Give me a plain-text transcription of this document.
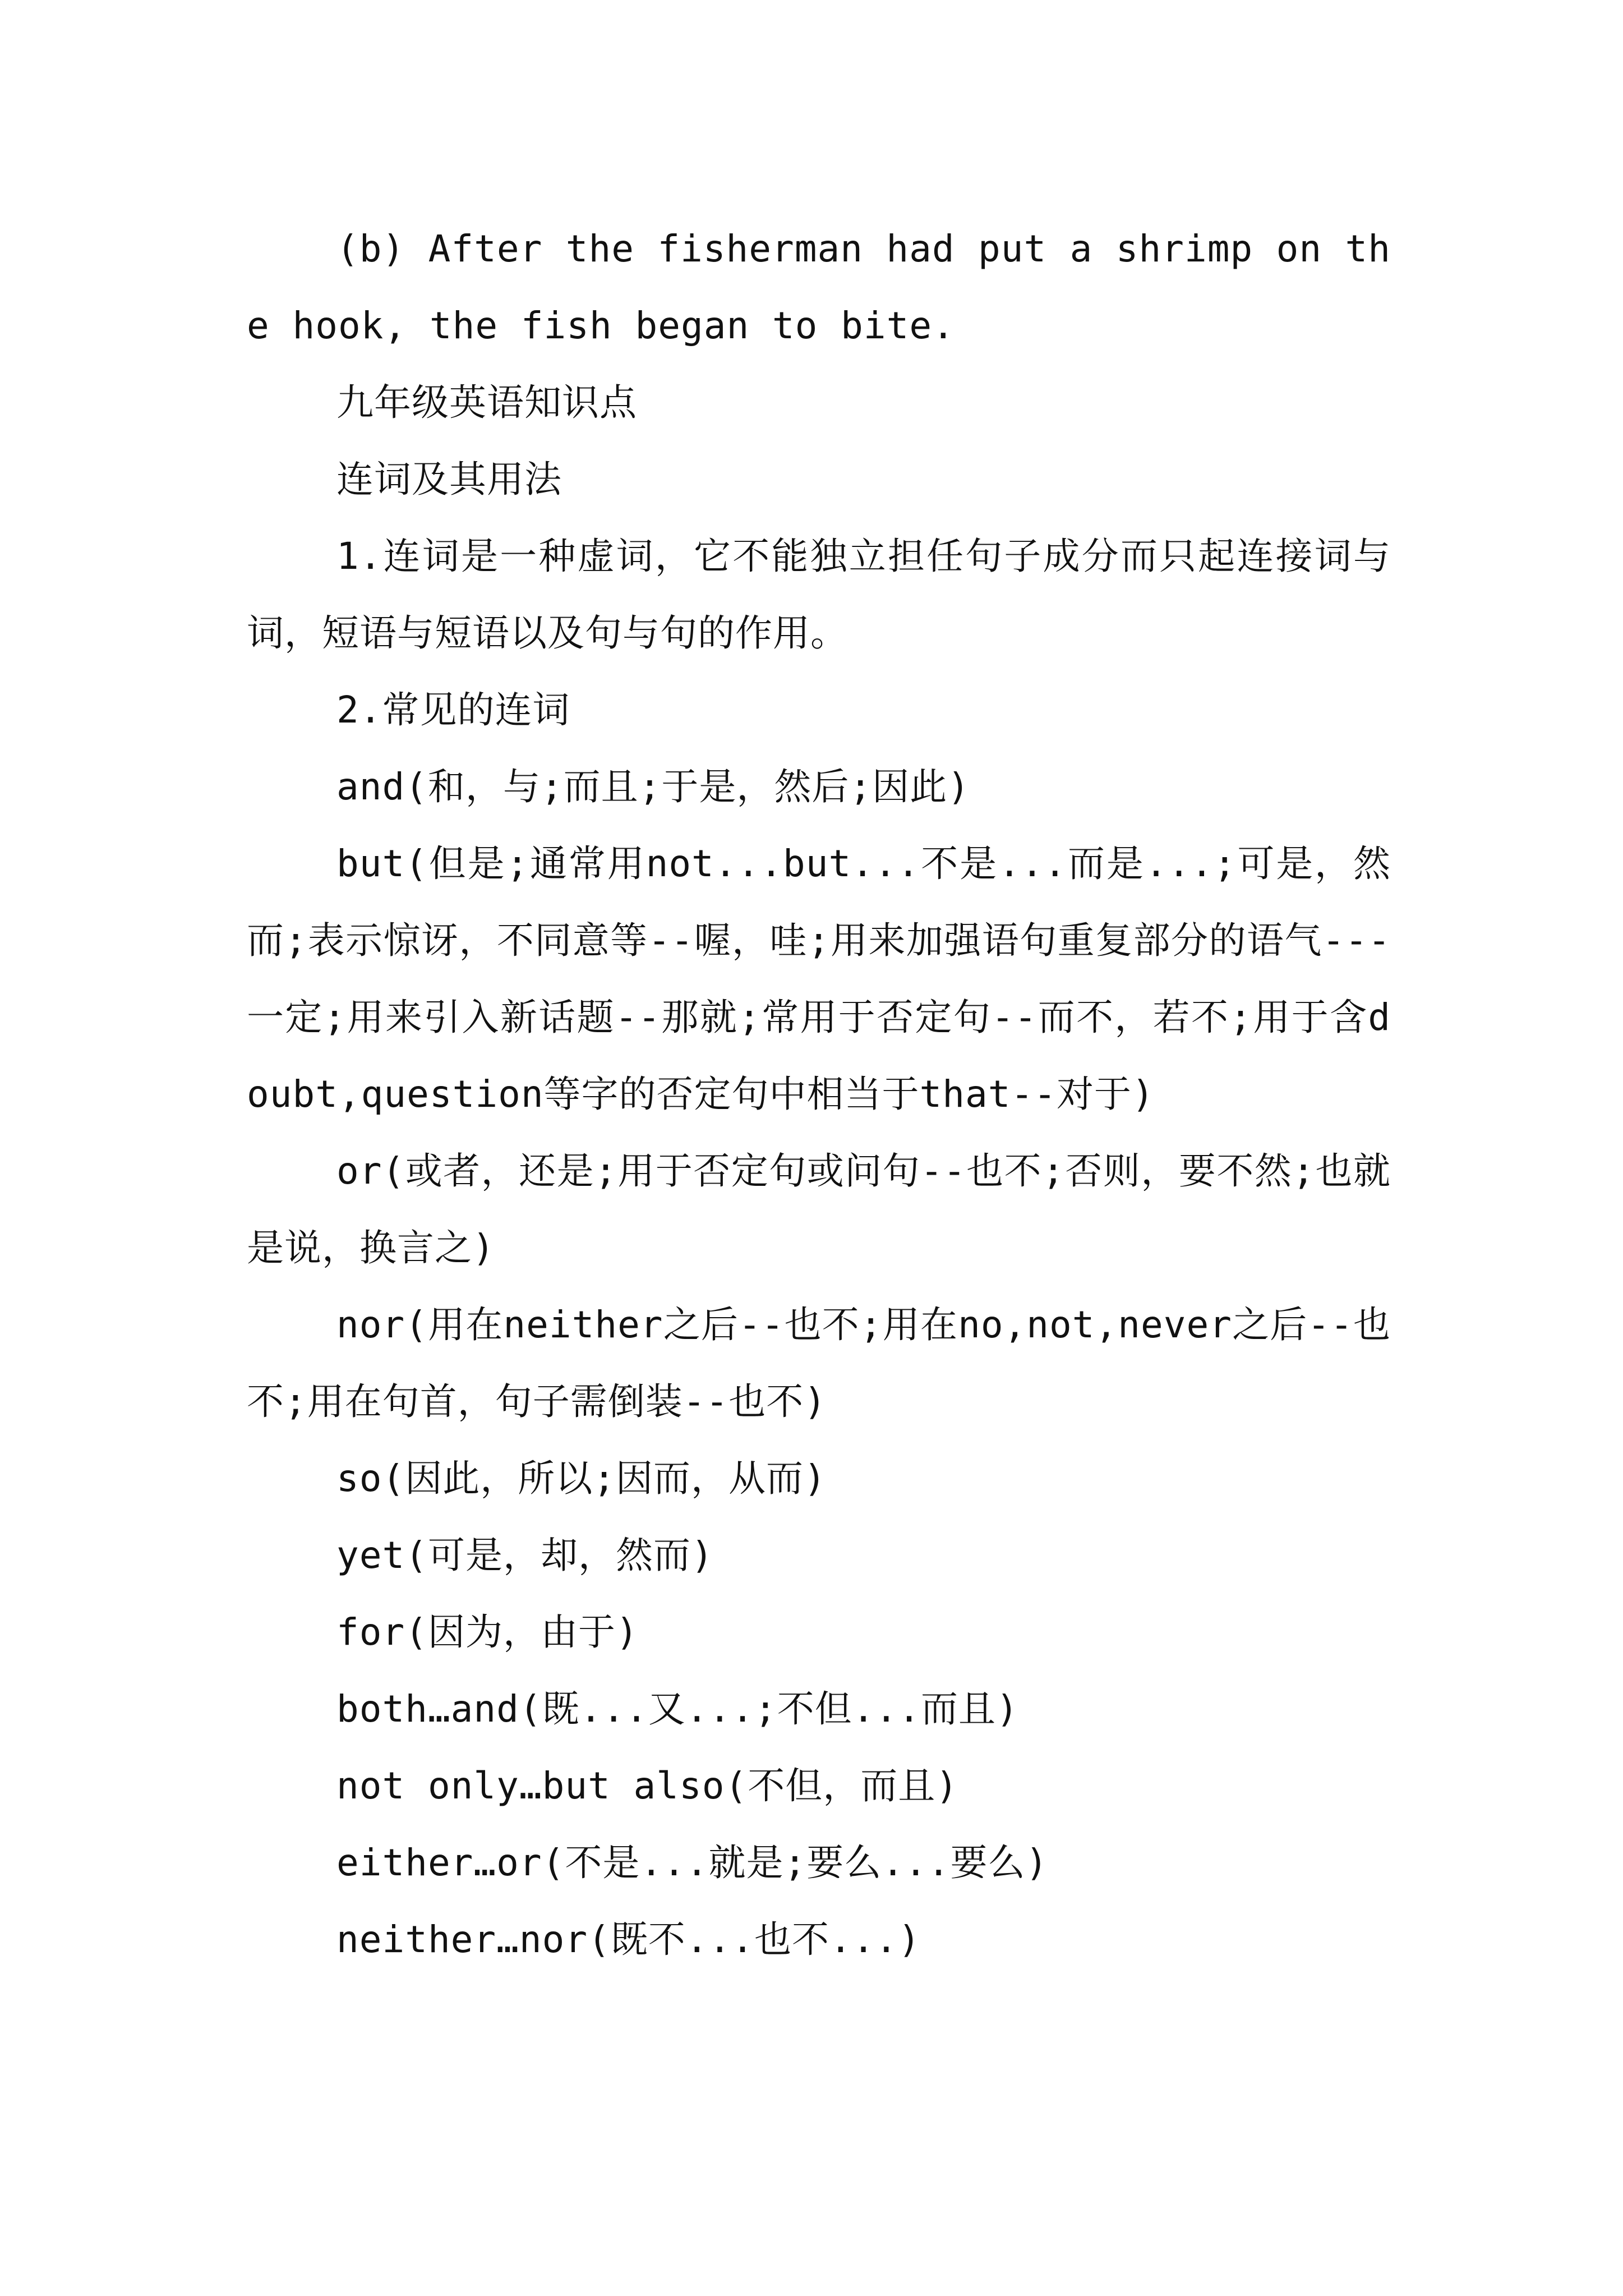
(b) After the fisherman had put a shrimp on the hook, the fish began to bite.

九年级英语知识点

连词及其用法

1.连词是一种虚词，它不能独立担任句子成分而只起连接词与词，短语与短语以及句与句的作用。

2.常见的连词

and(和，与;而且;于是，然后;因此)

but(但是;通常用not...but...不是...而是...;可是，然而;表示惊讶，不同意等--喔，哇;用来加强语句重复部分的语气---一定;用来引入新话题--那就;常用于否定句--而不，若不;用于含doubt,question等字的否定句中相当于that--对于)

or(或者，还是;用于否定句或问句--也不;否则，要不然;也就是说，换言之)

nor(用在neither之后--也不;用在no,not,never之后--也不;用在句首，句子需倒装--也不)

so(因此，所以;因而，从而)

yet(可是，却，然而)

for(因为，由于)

both…and(既...又...;不但...而且)

not only…but also(不但，而且)

either…or(不是...就是;要么...要么)

neither…nor(既不...也不...)
